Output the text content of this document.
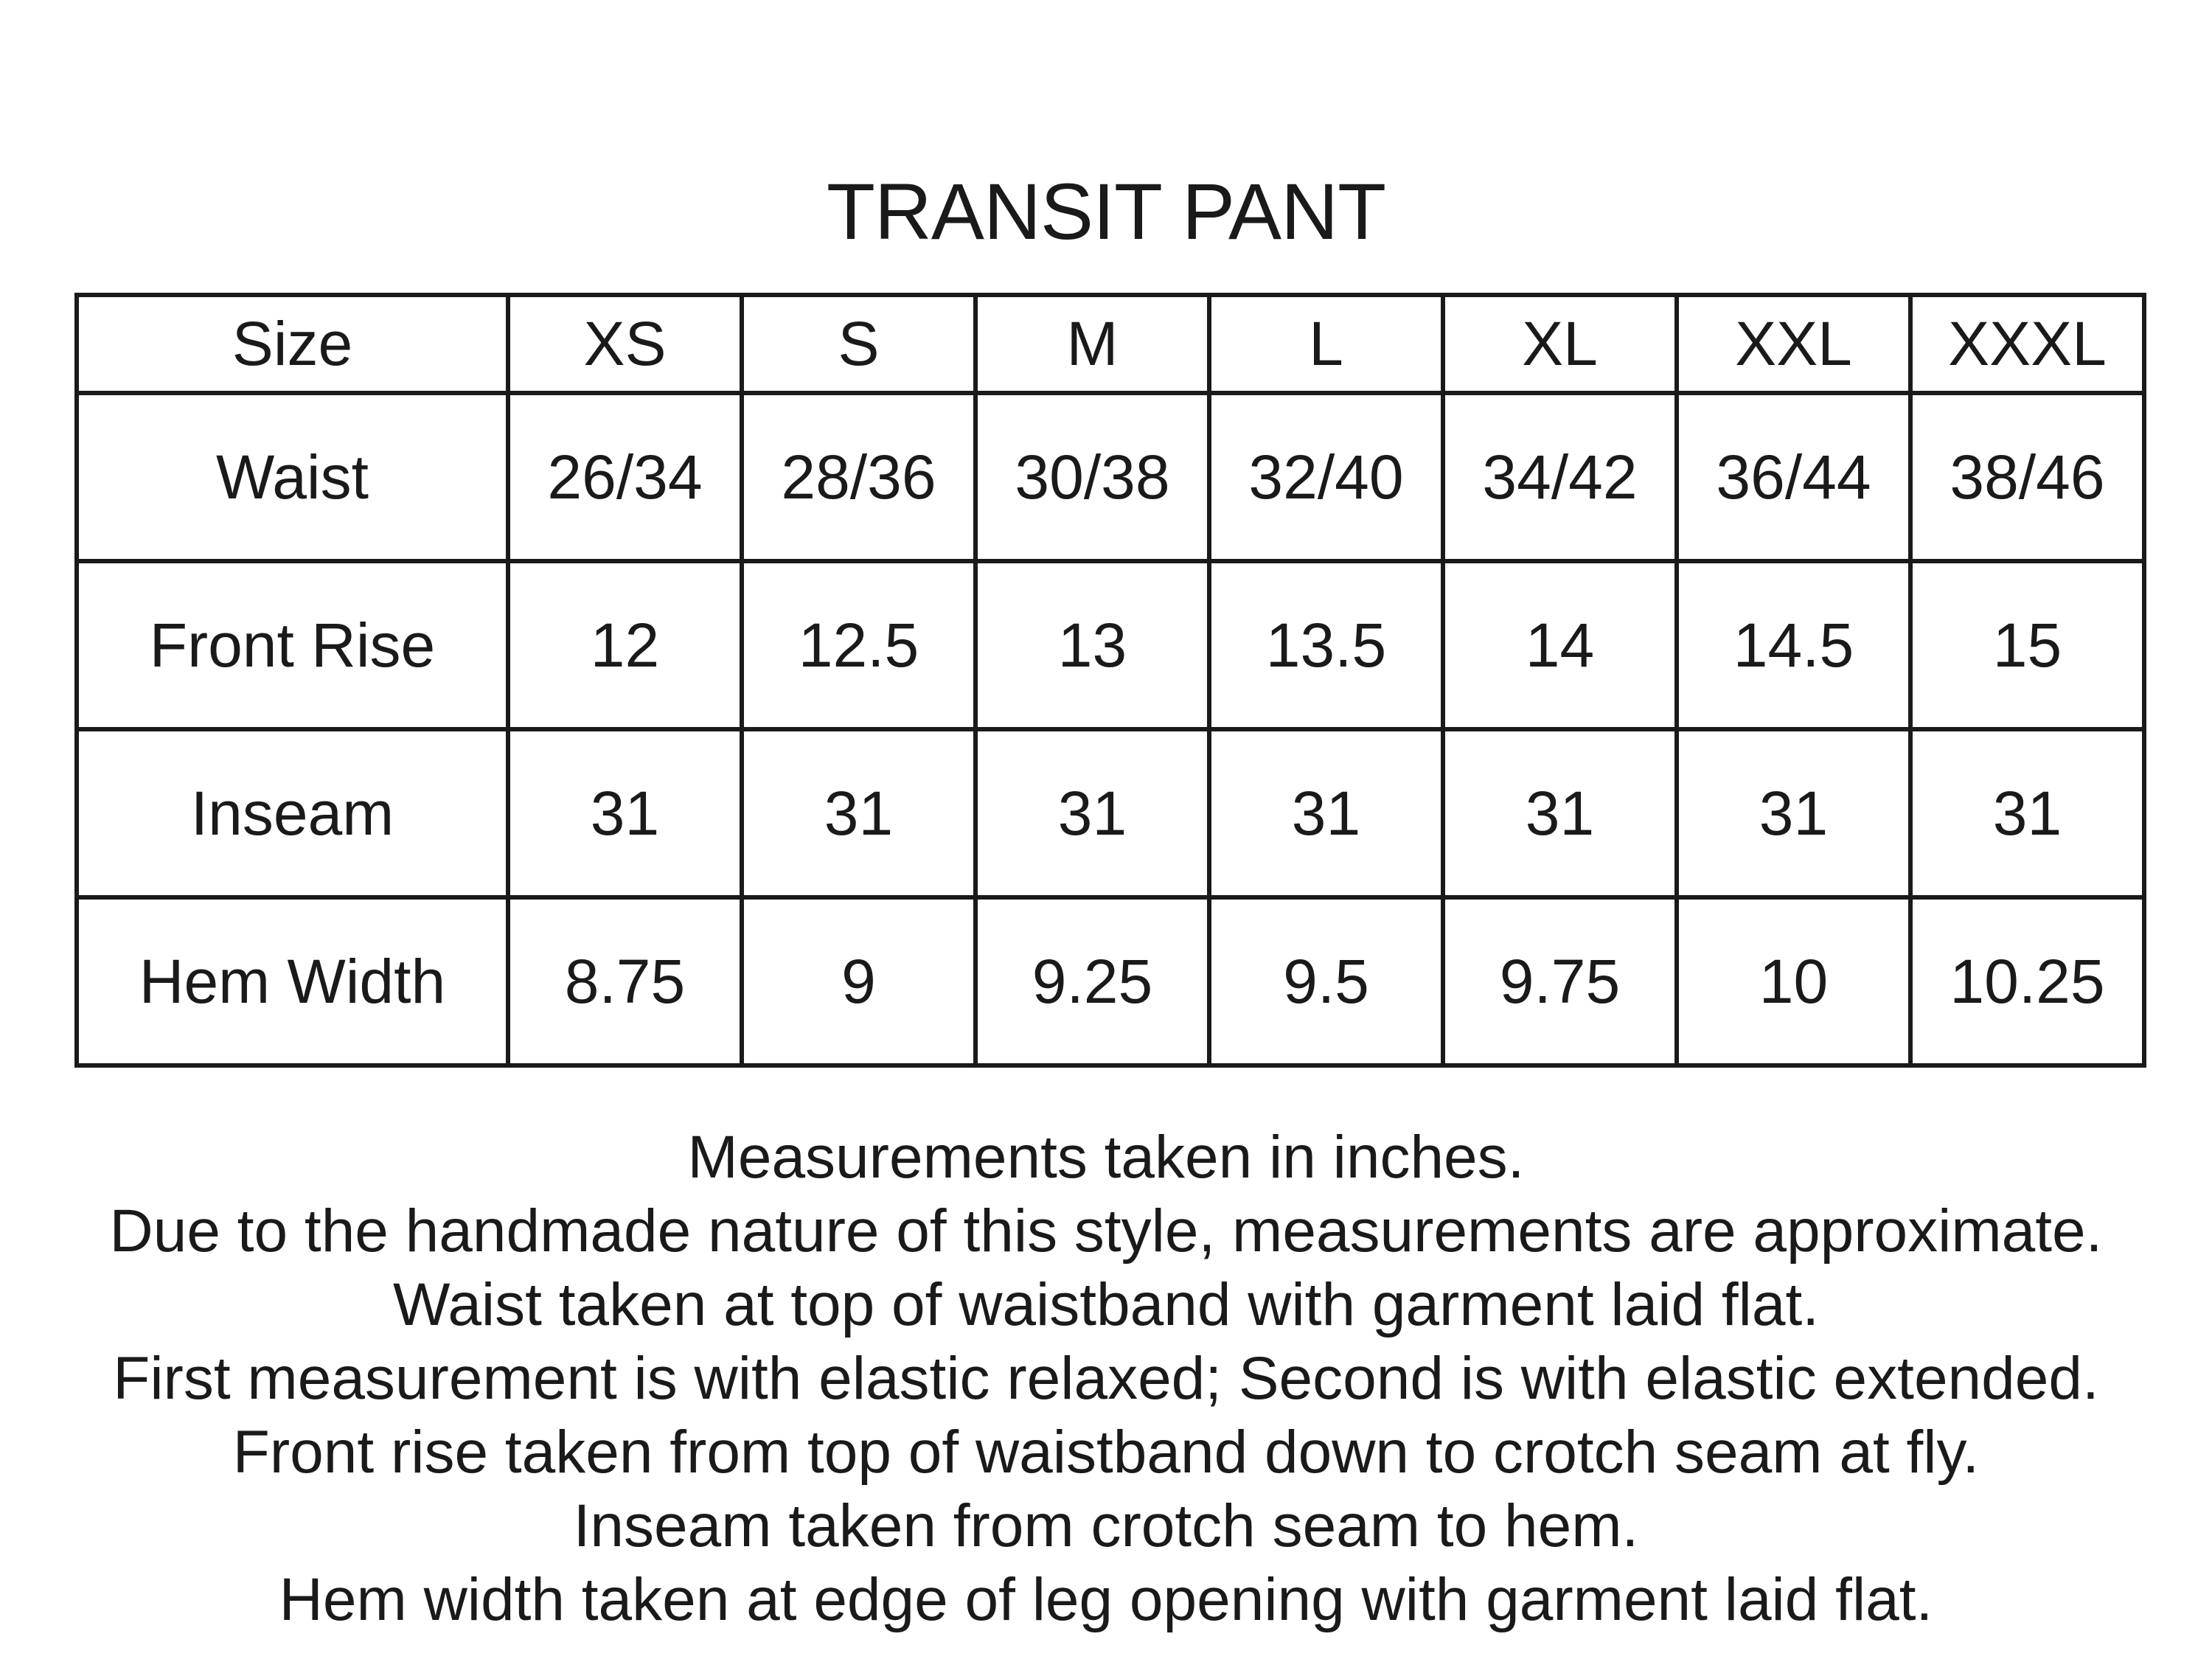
TRANSIT PANT
Size	XS	S	M	L	XL	XXL	XXXL
Waist	26/34	28/36	30/38	32/40	34/42	36/44	38/46
Front Rise	12	12.5	13	13.5	14	14.5	15
Inseam	31	31	31	31	31	31	31
Hem Width	8.75	9	9.25	9.5	9.75	10	10.25
Measurements taken in inches.
Due to the handmade nature of this style, measurements are approximate.
Waist taken at top of waistband with garment laid flat.
First measurement is with elastic relaxed; Second is with elastic extended.
Front rise taken from top of waistband down to crotch seam at fly.
Inseam taken from crotch seam to hem.
Hem width taken at edge of leg opening with garment laid flat.
